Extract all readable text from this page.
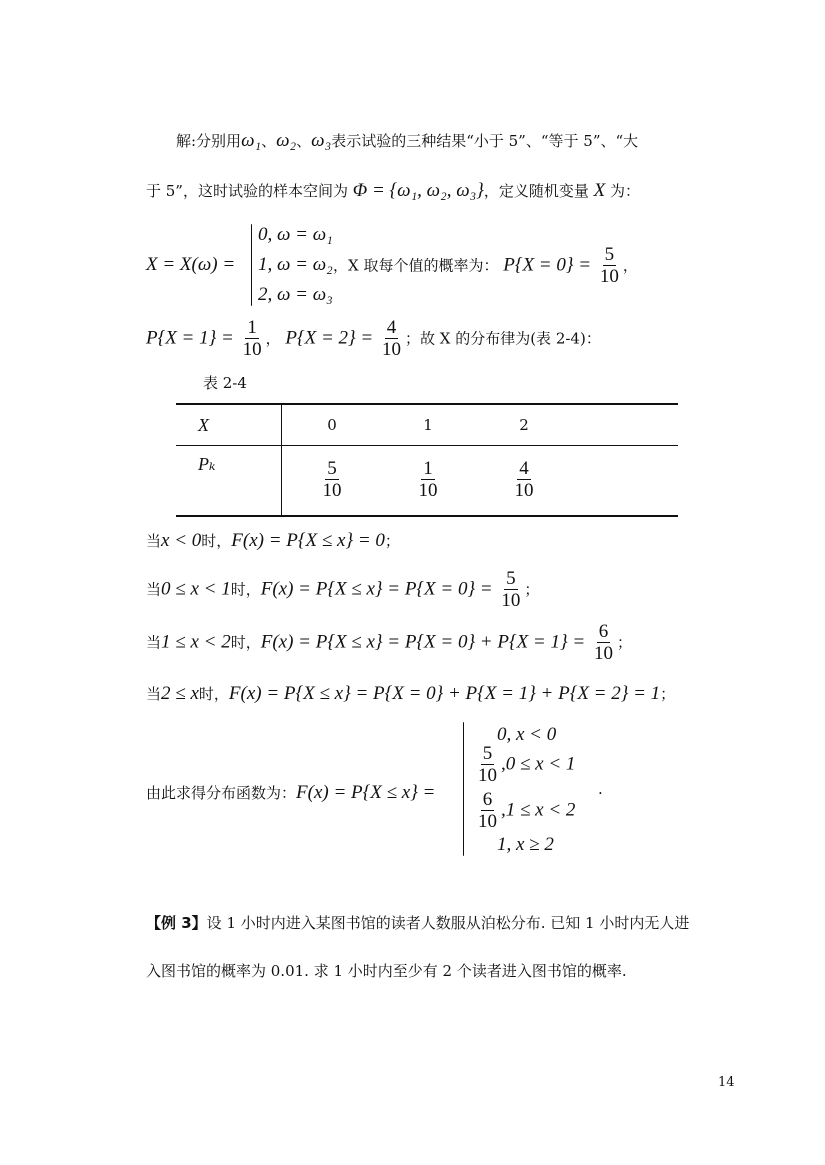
解:分别用ω₁、ω₂、ω₃表示试验的三种结果“小于 5”、“等于 5”、“大
于 5”，这时试验的样本空间为 Φ = {ω₁, ω₂, ω₃}，定义随机变量 X 为：
X = X(ω) =
0, ω = ω₁
1, ω = ω₂
2, ω = ω₃
，X 取每个值的概率为： $P\{X = 0\} = \frac{5}{10}$ ，
$P\{X = 1\} = \frac{1}{10}$ ， $P\{X = 2\} = \frac{4}{10}$ ；故 X 的分布律为(表 2-4)：
表 2-4
X	0	1	2	
Pₖ	$\frac{5}{10}$	$\frac{1}{10}$	$\frac{4}{10}$

当x < 0时，F(x) = P{X ≤ x} = 0；
当0 ≤ x < 1时，$F(x) = P\{X \le x\} = P\{X = 0\} = \frac{5}{10}$ ；
当1 ≤ x < 2时，$F(x) = P\{X \le x\} = P\{X = 0\} + P\{X = 1\} = \frac{6}{10}$ ；
当2 ≤ x时，F(x) = P{X ≤ x} = P{X = 0} + P{X = 1} + P{X = 2} = 1；
由此求得分布函数为：F(x) = P{X ≤ x} =
0, x < 0
$\frac{5}{10} ,0 \le x < 1$
$\frac{6}{10} ,1 \le x < 2$
1, x ≥ 2
.
【例 3】设 1 小时内进入某图书馆的读者人数服从泊松分布. 已知 1 小时内无人进
入图书馆的概率为 0.01. 求 1 小时内至少有 2 个读者进入图书馆的概率.
14
